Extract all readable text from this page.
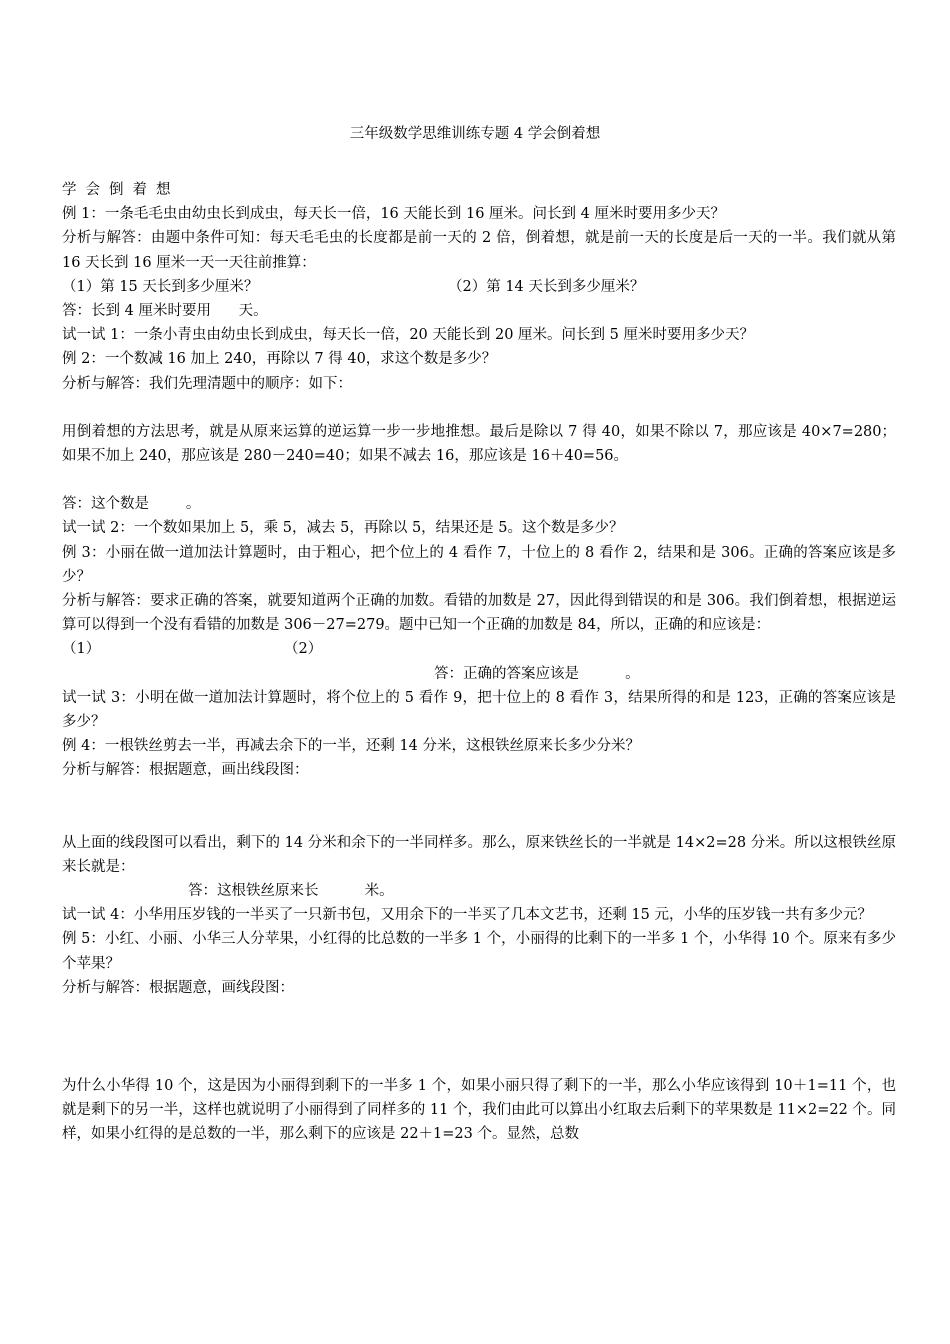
三年级数学思维训练专题 4 学会倒着想
学会倒着想
例 1：一条毛毛虫由幼虫长到成虫，每天长一倍，16 天能长到 16 厘米。问长到 4 厘米时要用多少天？
分析与解答：由题中条件可知：每天毛毛虫的长度都是前一天的 2 倍，倒着想，就是前一天的长度是后一天的一半。我们就从第 16 天长到 16 厘米一天一天往前推算：
（1）第 15 天长到多少厘米？	（2）第 14 天长到多少厘米？
答：长到 4 厘米时要用      天。
试一试 1：一条小青虫由幼虫长到成虫，每天长一倍，20 天能长到 20 厘米。问长到 5 厘米时要用多少天？
例 2：一个数减 16 加上 240，再除以 7 得 40，求这个数是多少？
分析与解答：我们先理清题中的顺序：如下：
用倒着想的方法思考，就是从原来运算的逆运算一步一步地推想。最后是除以 7 得 40，如果不除以 7，那应该是 40×7=280；如果不加上 240，那应该是 280－240=40；如果不减去 16，那应该是 16＋40=56。
答：这个数是        。
试一试 2：一个数如果加上 5，乘 5，减去 5，再除以 5，结果还是 5。这个数是多少？
例 3：小丽在做一道加法计算题时，由于粗心，把个位上的 4 看作 7，十位上的 8 看作 2，结果和是 306。正确的答案应该是多少？
分析与解答：要求正确的答案，就要知道两个正确的加数。看错的加数是 27，因此得到错误的和是 306。我们倒着想，根据逆运算可以得到一个没有看错的加数是 306－27=279。题中已知一个正确的加数是 84，所以，正确的和应该是：
（1）	（2）
答：正确的答案应该是          。
试一试 3：小明在做一道加法计算题时，将个位上的 5 看作 9，把十位上的 8 看作 3，结果所得的和是 123，正确的答案应该是多少？
例 4：一根铁丝剪去一半，再减去余下的一半，还剩 14 分米，这根铁丝原来长多少分米？
分析与解答：根据题意，画出线段图：
从上面的线段图可以看出，剩下的 14 分米和余下的一半同样多。那么，原来铁丝长的一半就是 14×2=28 分米。所以这根铁丝原来长就是：
答：这根铁丝原来长          米。
试一试 4：小华用压岁钱的一半买了一只新书包，又用余下的一半买了几本文艺书，还剩 15 元，小华的压岁钱一共有多少元？
例 5：小红、小丽、小华三人分苹果，小红得的比总数的一半多 1 个，小丽得的比剩下的一半多 1 个，小华得 10 个。原来有多少个苹果？
分析与解答：根据题意，画线段图：
为什么小华得 10 个，这是因为小丽得到剩下的一半多 1 个，如果小丽只得了剩下的一半，那么小华应该得到 10＋1=11 个，也就是剩下的另一半，这样也就说明了小丽得到了同样多的 11 个，我们由此可以算出小红取去后剩下的苹果数是 11×2=22 个。同样，如果小红得的是总数的一半，那么剩下的应该是 22＋1=23 个。显然，总数
